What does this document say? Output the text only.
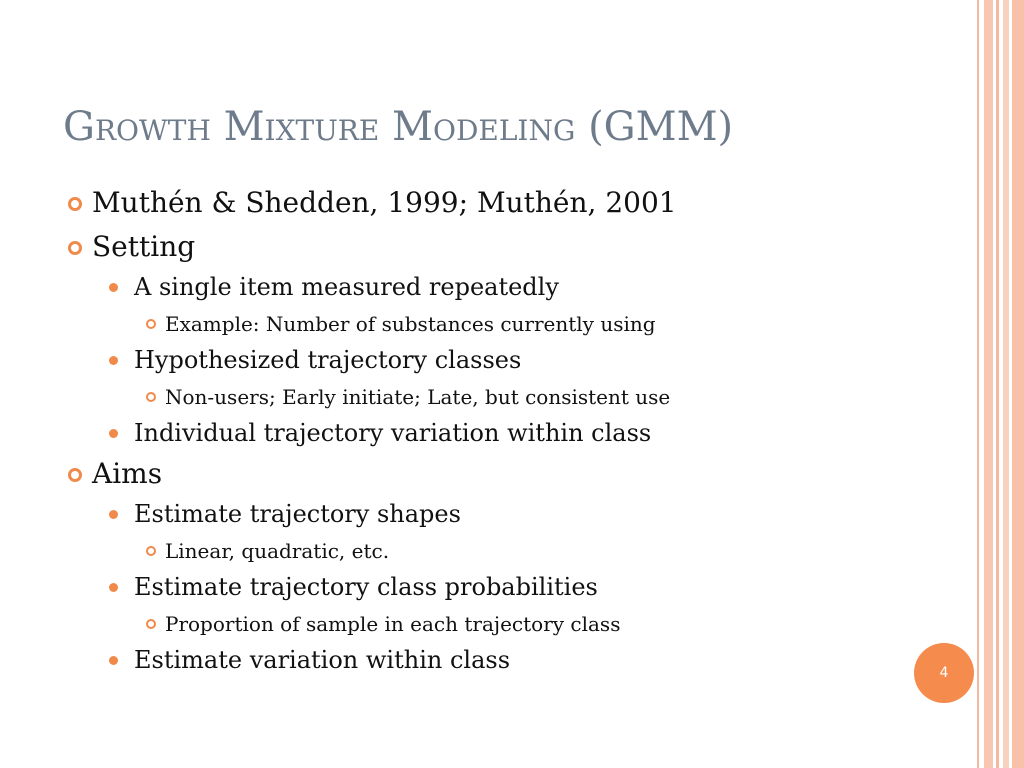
Growth Mixture Modeling (GMM)
Muthén & Shedden, 1999; Muthén, 2001
Setting
A single item measured repeatedly
Example: Number of substances currently using
Hypothesized trajectory classes
Non-users; Early initiate; Late, but consistent use
Individual trajectory variation within class
Aims
Estimate trajectory shapes
Linear, quadratic, etc.
Estimate trajectory class probabilities
Proportion of sample in each trajectory class
Estimate variation within class	4
